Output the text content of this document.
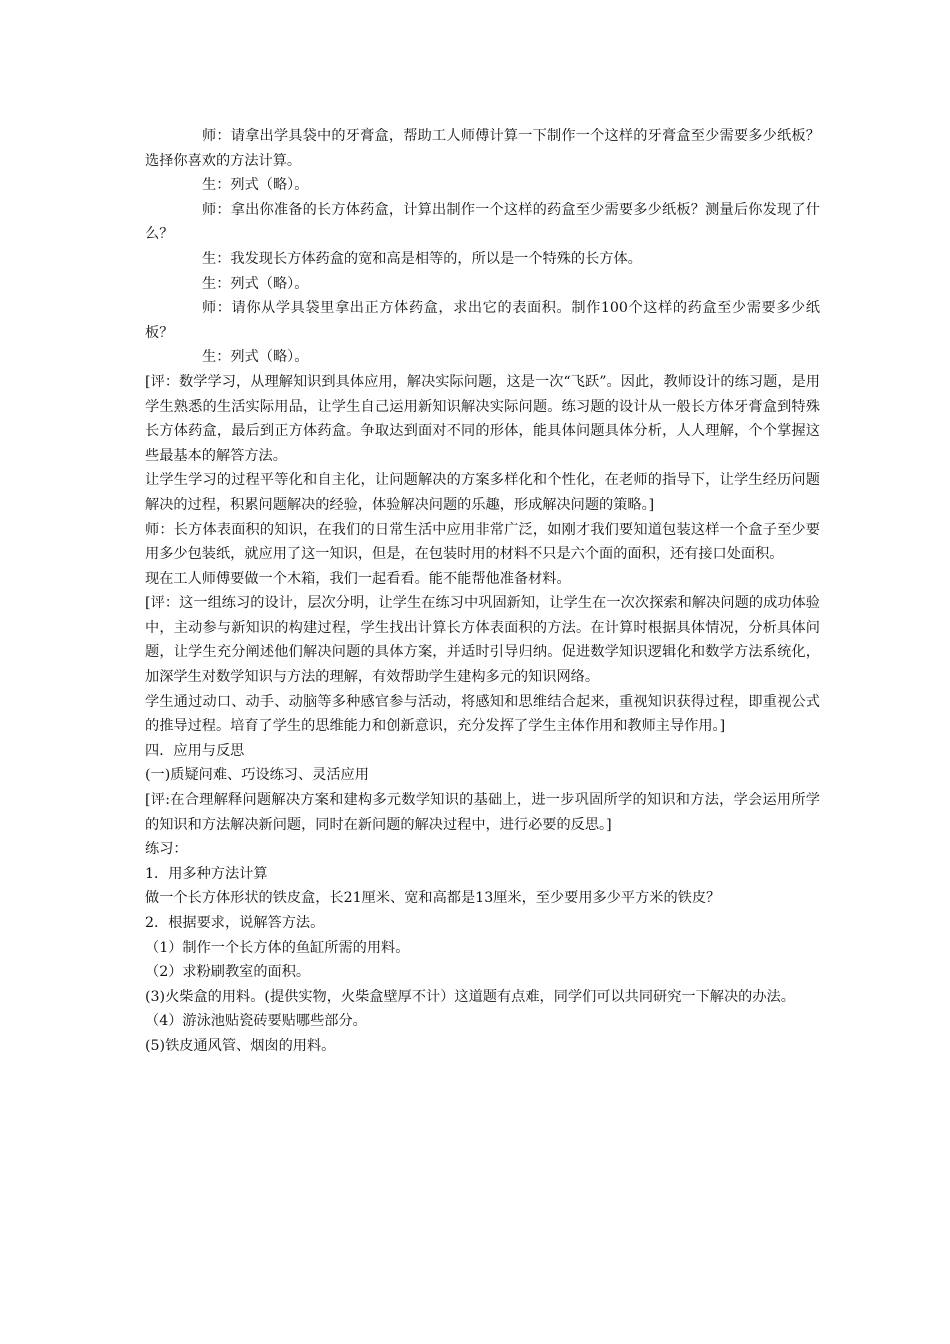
师：请拿出学具袋中的牙膏盒，帮助工人师傅计算一下制作一个这样的牙膏盒至少需要多少纸板？选择你喜欢的方法计算。

生：列式（略）。

师：拿出你准备的长方体药盒，计算出制作一个这样的药盒至少需要多少纸板？测量后你发现了什么？

生：我发现长方体药盒的宽和高是相等的，所以是一个特殊的长方体。

生：列式（略）。

师：请你从学具袋里拿出正方体药盒，求出它的表面积。制作100个这样的药盒至少需要多少纸板？

生：列式（略）。

[评：数学学习，从理解知识到具体应用，解决实际问题，这是一次“飞跃”。因此，教师设计的练习题，是用学生熟悉的生活实际用品，让学生自己运用新知识解决实际问题。练习题的设计从一般长方体牙膏盒到特殊长方体药盒，最后到正方体药盒。争取达到面对不同的形体，能具体问题具体分析，人人理解，个个掌握这些最基本的解答方法。

让学生学习的过程平等化和自主化，让问题解决的方案多样化和个性化，在老师的指导下，让学生经历问题解决的过程，积累问题解决的经验，体验解决问题的乐趣，形成解决问题的策略。]

师：长方体表面积的知识，在我们的日常生活中应用非常广泛，如刚才我们要知道包装这样一个盒子至少要用多少包装纸，就应用了这一知识，但是，在包装时用的材料不只是六个面的面积，还有接口处面积。

现在工人师傅要做一个木箱，我们一起看看。能不能帮他准备材料。

[评：这一组练习的设计，层次分明，让学生在练习中巩固新知，让学生在一次次探索和解决问题的成功体验中，主动参与新知识的构建过程，学生找出计算长方体表面积的方法。在计算时根据具体情况，分析具体问题，让学生充分阐述他们解决问题的具体方案，并适时引导归纳。促进数学知识逻辑化和数学方法系统化，加深学生对数学知识与方法的理解，有效帮助学生建构多元的知识网络。

学生通过动口、动手、动脑等多种感官参与活动，将感知和思维结合起来，重视知识获得过程，即重视公式的推导过程。培育了学生的思维能力和创新意识，充分发挥了学生主体作用和教师主导作用。]

四．应用与反思

(一)质疑问难、巧设练习、灵活应用

[评:在合理解释问题解决方案和建构多元数学知识的基础上，进一步巩固所学的知识和方法，学会运用所学的知识和方法解决新问题，同时在新问题的解决过程中，进行必要的反思。]

练习：

1．用多种方法计算

做一个长方体形状的铁皮盒，长21厘米、宽和高都是13厘米，至少要用多少平方米的铁皮？

2．根据要求，说解答方法。

（1）制作一个长方体的鱼缸所需的用料。

（2）求粉刷教室的面积。

(3)火柴盒的用料。(提供实物，火柴盒壁厚不计）这道题有点难，同学们可以共同研究一下解决的办法。

（4）游泳池贴瓷砖要贴哪些部分。

(5)铁皮通风管、烟囱的用料。
